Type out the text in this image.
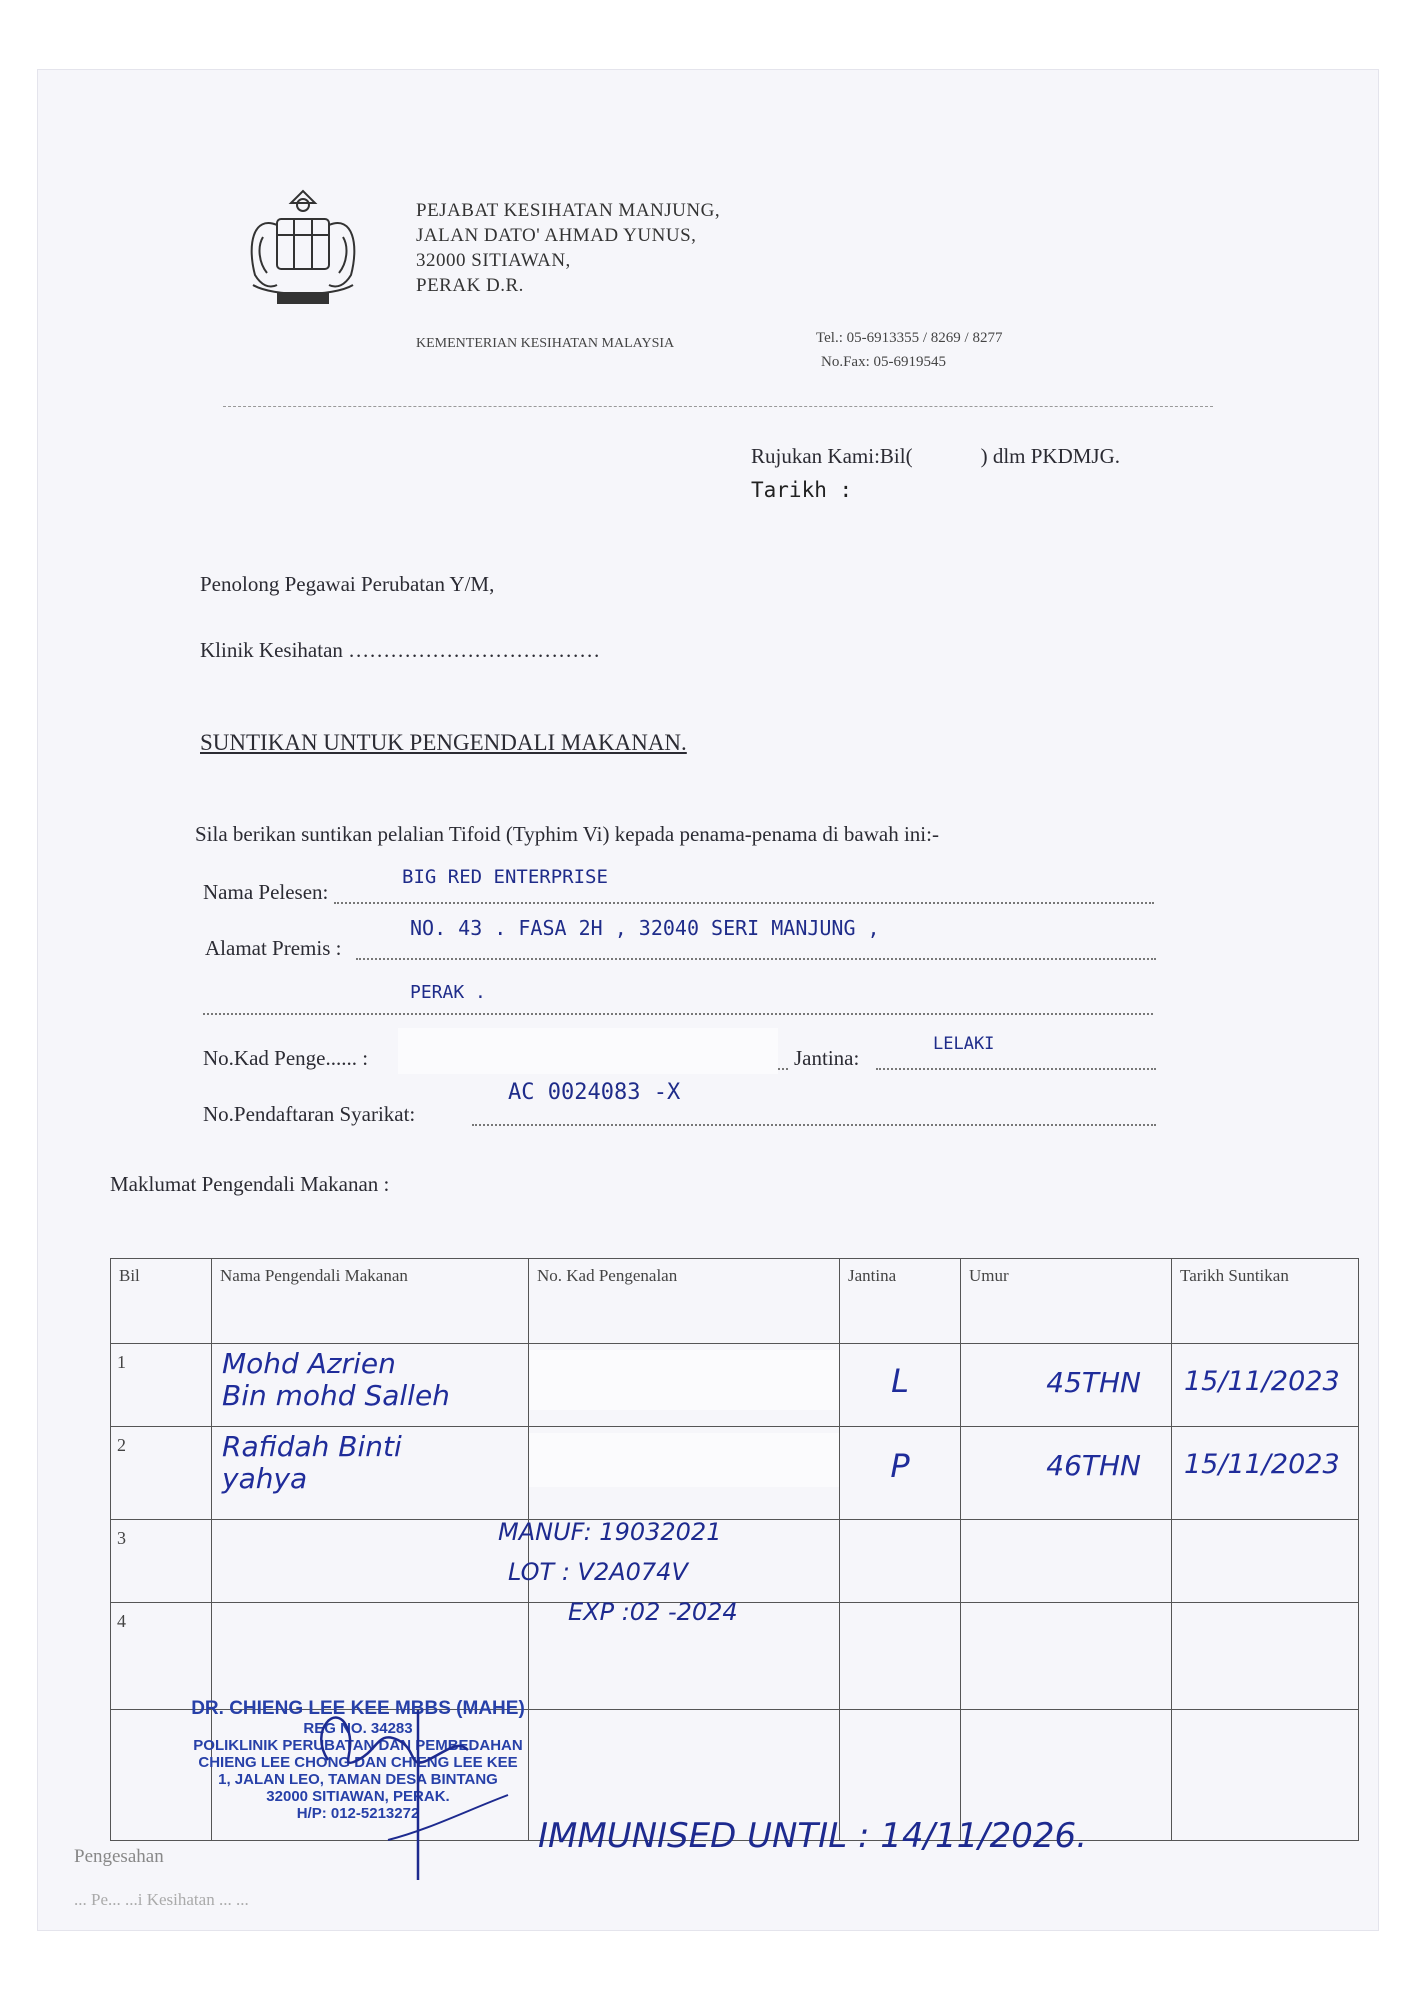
PEJABAT KESIHATAN MANJUNG,
JALAN DATO' AHMAD YUNUS,
32000 SITIAWAN,
PERAK D.R.
KEMENTERIAN KESIHATAN MALAYSIA	Tel.: 05-6913355 / 8269 / 8277
No.Fax: 05-6919545
Rujukan Kami:Bil(	) dlm PKDMJG.
Tarikh :
Penolong Pegawai Perubatan Y/M,
Klinik Kesihatan ………………………………
SUNTIKAN UNTUK PENGENDALI MAKANAN.
Sila berikan suntikan pelalian Tifoid (Typhim Vi) kepada penama-penama di bawah ini:-
Nama Pelesen:
BIG RED ENTERPRISE
Alamat Premis :
NO. 43 . FASA 2H , 32040 SERI MANJUNG ,
PERAK .
No.Kad Penge...... :	Jantina:
LELAKI
No.Pendaftaran Syarikat:
AC 0024083 -X
Maklumat Pengendali Makanan :
Bil	Nama Pengendali Makanan	No. Kad Pengenalan	Jantina	Umur	Tarikh Suntikan
1	Mohd Azrien
Bin mohd Salleh		L	45THN	15/11/2023
2	Rafidah Binti
yahya		P	46THN	15/11/2023
3					
4					

MANUF: 19032021
LOT : V2A074V
EXP :02 -2024
DR. CHIENG LEE KEE MBBS (MAHE)
REG NO. 34283
POLIKLINIK PERUBATAN DAN PEMBEDAHAN
CHIENG LEE CHONG DAN CHIENG LEE KEE
1, JALAN LEO, TAMAN DESA BINTANG
32000 SITIAWAN, PERAK.
H/P: 012-5213272
IMMUNISED UNTIL : 14/11/2026.
Pengesahan
... Pe... ...i Kesihatan ... ...
